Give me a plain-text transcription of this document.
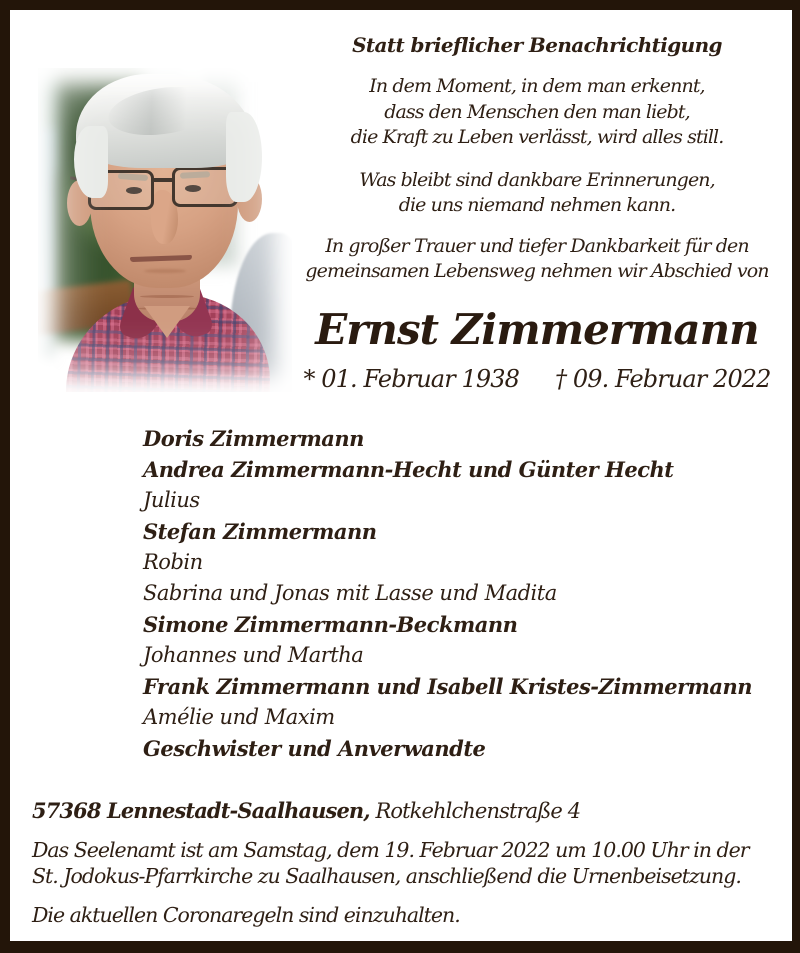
Statt brieflicher Benachrichtigung
In dem Moment, in dem man erkennt,
dass den Menschen den man liebt,
die Kraft zu Leben verlässt, wird alles still.
Was bleibt sind dankbare Erinnerungen,
die uns niemand nehmen kann.
In großer Trauer und tiefer Dankbarkeit für den
gemeinsamen Lebensweg nehmen wir Abschied von
Ernst Zimmermann
* 01. Februar 1938 † 09. Februar 2022
Doris Zimmermann
Andrea Zimmermann-Hecht und Günter Hecht
Julius
Stefan Zimmermann
Robin
Sabrina und Jonas mit Lasse und Madita
Simone Zimmermann-Beckmann
Johannes und Martha
Frank Zimmermann und Isabell Kristes-Zimmermann
Amélie und Maxim
Geschwister und Anverwandte
57368 Lennestadt-Saalhausen, Rotkehlchenstraße 4
Das Seelenamt ist am Samstag, dem 19. Februar 2022 um 10.00 Uhr in der
St. Jodokus-Pfarrkirche zu Saalhausen, anschließend die Urnenbeisetzung.
Die aktuellen Coronaregeln sind einzuhalten.
